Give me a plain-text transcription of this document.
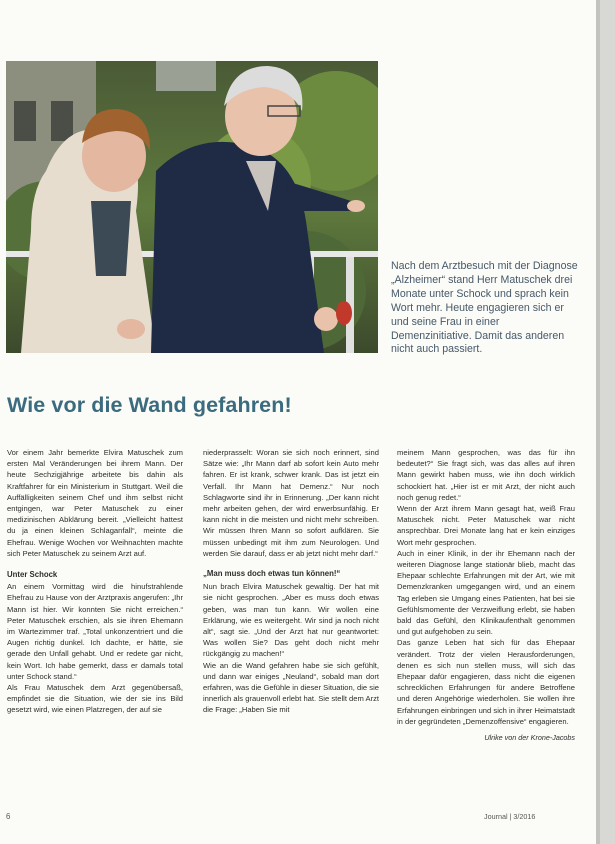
Nach dem Arztbesuch mit der Diagnose „Alzheimer“ stand Herr Matuschek drei Monate unter Schock und sprach kein Wort mehr. Heute engagieren sich er und seine Frau in einer Demenzinitiative. Damit das anderen nicht auch passiert.

Wie vor die Wand gefahren!

Vor einem Jahr bemerkte Elvira Matuschek zum ersten Mal Veränderungen bei ihrem Mann. Der heute Sechzigjährige arbeitete bis dahin als Kraftfahrer für ein Ministerium in Stuttgart. Weil die Auffälligkeiten seinem Chef und ihm selbst nicht entgingen, war Peter Matuschek zu einer medizinischen Abklärung bereit. „Vielleicht hattest du ja einen kleinen Schlaganfall“, meinte die Ehefrau. Wenige Wochen vor Weihnachten machte sich Peter Matuschek zu seinem Arzt auf.

Unter Schock

An einem Vormittag wird die hinufstrahlende Ehefrau zu Hause von der Arztpraxis angerufen: „Ihr Mann ist hier. Wir konnten Sie nicht erreichen.“ Peter Matuschek erschien, als sie ihren Ehemann im Wartezimmer traf. „Total unkonzentriert und die Augen richtig dunkel. Ich dachte, er hätte, sie gerade den Unfall gehabt. Und er redete gar nicht, kein Wort. Ich habe gemerkt, dass er damals total unter Schock stand.“

Als Frau Matuschek dem Arzt gegenübersaß, empfindet sie die Situation, wie der sie ins Bild gesetzt wird, wie einen Platzregen, der auf sie

niederprasselt: Woran sie sich noch erinnert, sind Sätze wie: „Ihr Mann darf ab sofort kein Auto mehr fahren. Er ist krank, schwer krank. Das ist jetzt ein Verfall. Ihr Mann hat Demenz.“ Nur noch Schlagworte sind ihr in Erinnerung. „Der kann nicht mehr arbeiten gehen, der wird erwerbsunfähig. Er kann nicht in die meisten und nicht mehr schreiben. Wir müssen Ihren Mann so sofort aufklären. Sie müssen unbedingt mit ihm zum Neurologen. Und werden Sie darauf, dass er ab jetzt nicht mehr darf.“

„Man muss doch etwas tun können!“

Nun brach Elvira Matuschek gewaltig. Der hat mit sie nicht gesprochen. „Aber es muss doch etwas geben, was man tun kann. Wir wollen eine Erklärung, wie es weitergeht. Wir sind ja noch nicht alt“, sagt sie. „Und der Arzt hat nur geantwortet: Was wollen Sie? Das geht doch nicht mehr rückgängig zu machen!“

Wie an die Wand gefahren habe sie sich gefühlt, und dann war einiges „Neuland“, sobald man dort erfahren, was die Gefühle in dieser Situation, die sie innerlich als grauenvoll erlebt hat. Sie stellt dem Arzt die Frage: „Haben Sie mit

meinem Mann gesprochen, was das für ihn bedeutet?“ Sie fragt sich, was das alles auf ihren Mann gewirkt haben muss, wie ihn doch wirklich schockiert hat. „Hier ist er mit Arzt, der nicht auch noch genug redet.“

Wenn der Arzt ihrem Mann gesagt hat, weiß Frau Matuschek nicht. Peter Matuschek war nicht ansprechbar. Drei Monate lang hat er kein einziges Wort mehr gesprochen.

Auch in einer Klinik, in der ihr Ehemann nach der weiteren Diagnose lange stationär blieb, macht das Ehepaar schlechte Erfahrungen mit der Art, wie mit Demenzkranken umgegangen wird, und an einem Tag erleben sie Umgang eines Patienten, hat bei sie Gefühlsmomente der Verzweiflung erlebt, sie haben bald das Gefühl, den Klinikaufenthalt genommen und gut aufgehoben zu sein.

Das ganze Leben hat sich für das Ehepaar verändert. Trotz der vielen Herausforderungen, denen es sich nun stellen muss, will sich das Ehepaar dafür engagieren, dass nicht die eigenen schrecklichen Erfahrungen für andere Betroffene und deren Angehörige wiederholen. Sie wollen ihre Erfahrungen einbringen und sich in ihrer Heimatstadt in der gegründeten „Demenzoffensive“ engagieren.

Ulrike von der Krone-Jacobs

6	Journal | 3/2016
